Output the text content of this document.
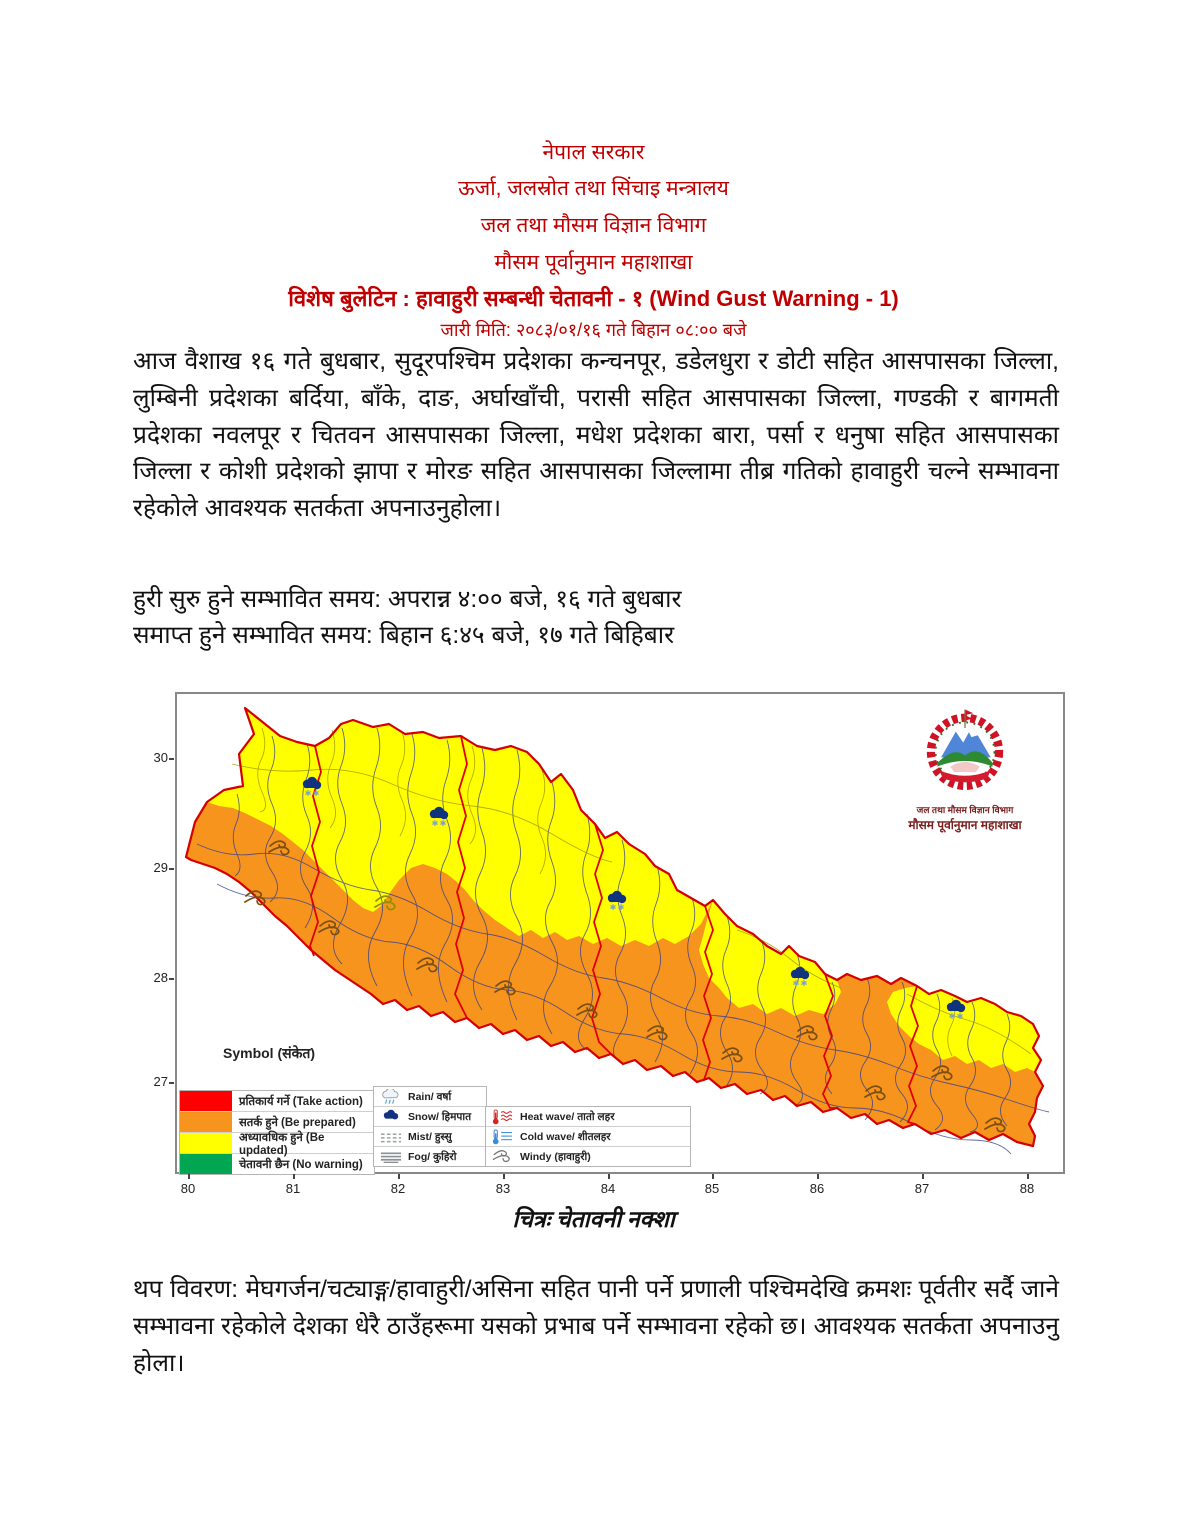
नेपाल सरकार
ऊर्जा, जलस्रोत तथा सिंचाइ मन्त्रालय
जल तथा मौसम विज्ञान विभाग
मौसम पूर्वानुमान महाशाखा
विशेष बुलेटिन : हावाहुरी सम्बन्धी चेतावनी - १ (Wind Gust Warning - 1)
जारी मिति: २०८३/०१/१६ गते बिहान ०८:०० बजे
आज वैशाख १६ गते बुधबार, सुदूरपश्चिम प्रदेशका कन्चनपूर, डडेलधुरा र डोटी सहित आसपासका जिल्ला, लुम्बिनी प्रदेशका बर्दिया, बाँके, दाङ, अर्घाखाँची, परासी सहित आसपासका जिल्ला, गण्डकी र बागमती प्रदेशका नवलपूर र चितवन आसपासका जिल्ला, मधेश प्रदेशका बारा, पर्सा र धनुषा सहित आसपासका जिल्ला र कोशी प्रदेशको झापा र मोरङ सहित आसपासका जिल्लामा तीब्र गतिको हावाहुरी चल्ने सम्भावना रहेकोले आवश्यक सतर्कता अपनाउनुहोला।
हुरी सुरु हुने सम्भावित समय: अपरान्न ४:०० बजे, १६ गते बुधबार
समाप्त हुने सम्भावित समय: बिहान ६:४५ बजे, १७ गते बिहिबार
जल तथा मौसम विज्ञान विभाग
मौसम पूर्वानुमान महाशाखा
Symbol (संकेत)
प्रतिकार्य गर्ने (Take action)
सतर्क हुने (Be prepared)
अध्यावधिक हुने (Be updated)
चेतावनी छैन (No warning)
Rain/ वर्षा
Snow/ हिमपात
Mist/ हुस्सु
Fog/ कुहिरो
Heat wave/ तातो लहर
Cold wave/ शीतलहर
Windy (हावाहुरी)
30
29
28
27
80	81	82	83	84	85	86	87	88
चित्रः चेतावनी नक्शा
थप विवरण: मेघगर्जन/चट्याङ्ग/हावाहुरी/असिना सहित पानी पर्ने प्रणाली पश्चिमदेखि क्रमशः पूर्वतीर सर्दै जाने सम्भावना रहेकोले देशका धेरै ठाउँहरूमा यसको प्रभाब पर्ने सम्भावना रहेको छ। आवश्यक सतर्कता अपनाउनु होला।
